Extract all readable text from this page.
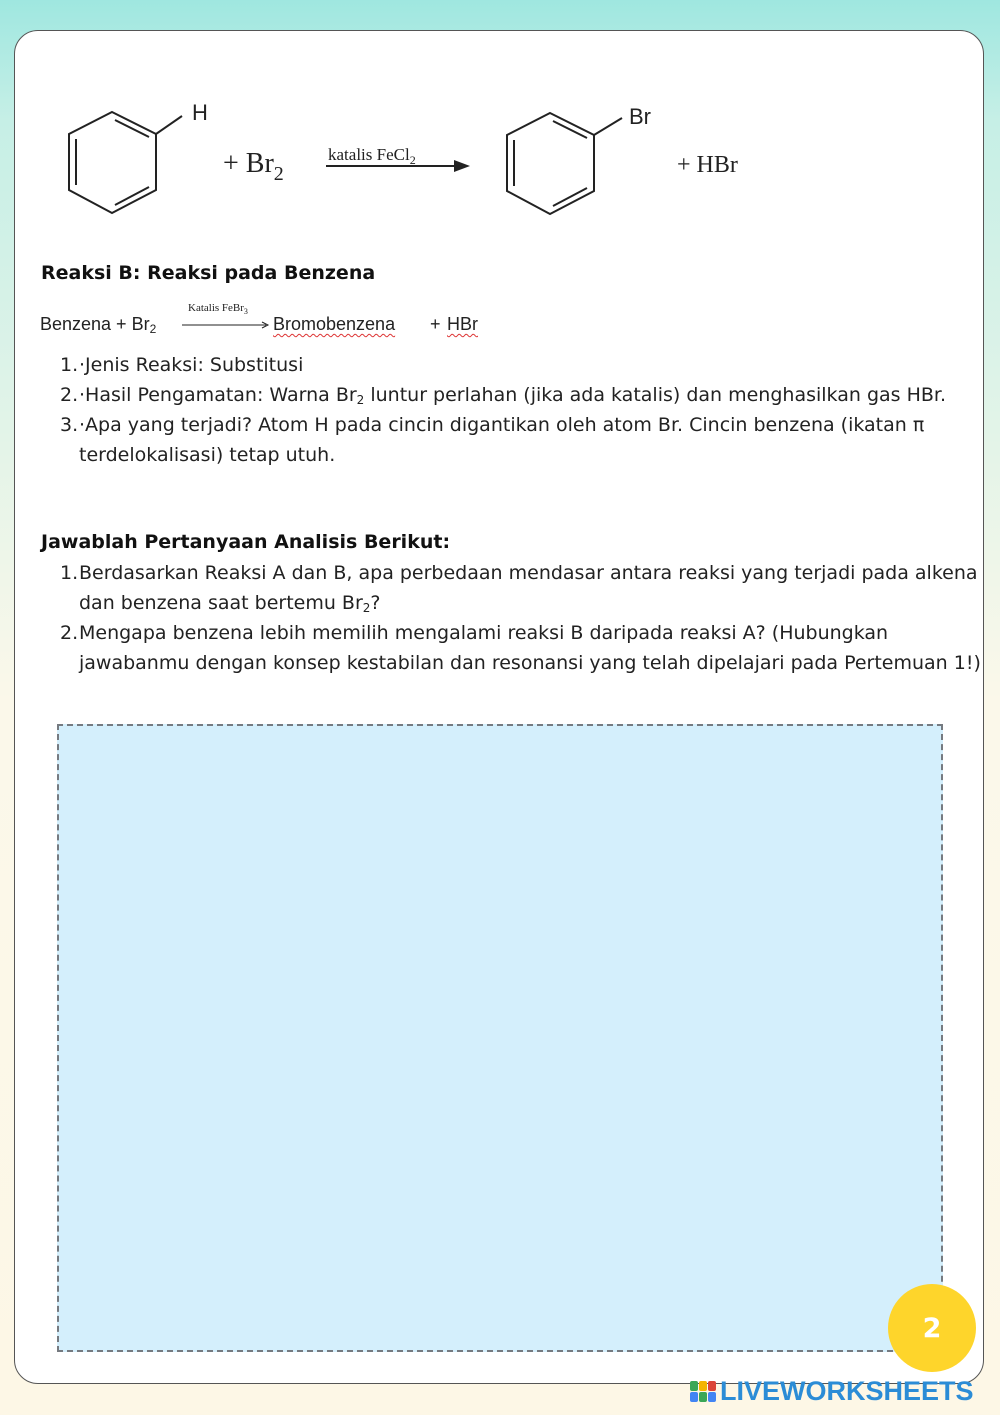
H
+ $Br_2$
katalis FeCl$_2$
Br
+ HBr
Reaksi B: Reaksi pada Benzena
Benzena + $Br_2$
Katalis FeBr$_3$
Bromobenzena + HBr
1. ·Jenis Reaksi: Substitusi
2. ·Hasil Pengamatan: Warna $Br_2$ luntur perlahan (jika ada katalis) dan menghasilkan gas HBr.
3. ·Apa yang terjadi? Atom H pada cincin digantikan oleh atom Br. Cincin benzena (ikatan π terdelokalisasi) tetap utuh.
Jawablah Pertanyaan Analisis Berikut:
1. Berdasarkan Reaksi A dan B, apa perbedaan mendasar antara reaksi yang terjadi pada alkena dan benzena saat bertemu $Br_2$?
2. Mengapa benzena lebih memilih mengalami reaksi B daripada reaksi A? (Hubungkan jawabanmu dengan konsep kestabilan dan resonansi yang telah dipelajari pada Pertemuan 1!)
2
LIVEWORKSHEETS
